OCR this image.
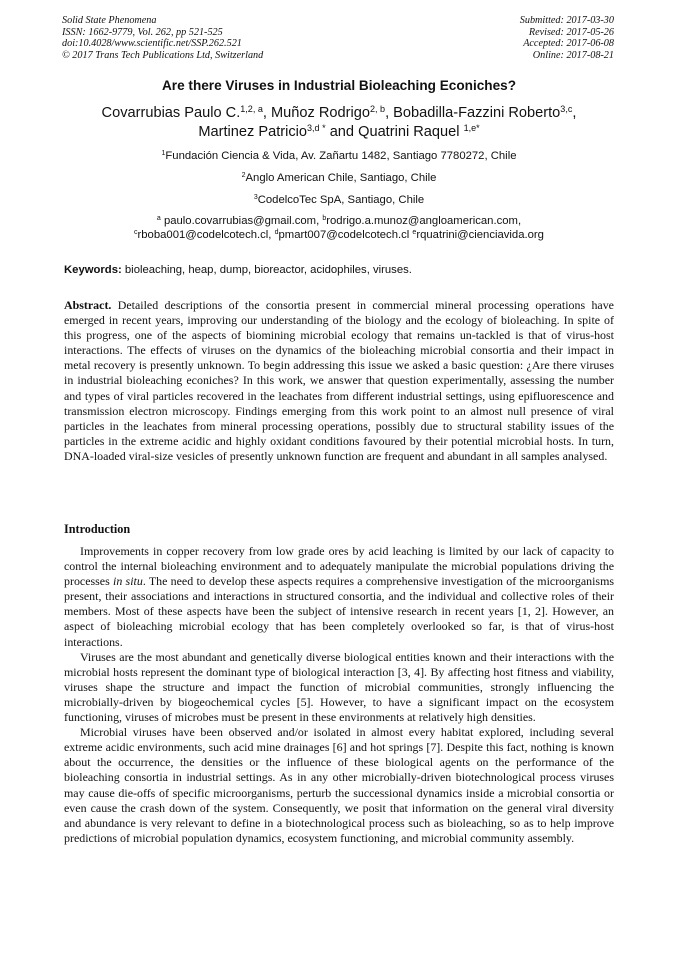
Solid State Phenomena
ISSN: 1662-9779, Vol. 262, pp 521-525
doi:10.4028/www.scientific.net/SSP.262.521
© 2017 Trans Tech Publications Ltd, Switzerland
Submitted: 2017-03-30
Revised: 2017-05-26
Accepted: 2017-06-08
Online: 2017-08-21
Are there Viruses in Industrial Bioleaching Econiches?
Covarrubias Paulo C.$^{1,2, a}$, Muñoz Rodrigo$^{2, b}$, Bobadilla-Fazzini Roberto$^{3,c}$,
Martinez Patricio$^{3,d *}$ and Quatrini Raquel $^{1,e*}$
$^1$Fundación Ciencia & Vida, Av. Zañartu 1482, Santiago 7780272, Chile
$^2$Anglo American Chile, Santiago, Chile
$^3$CodelcoTec SpA, Santiago, Chile
$^a$ paulo.covarrubias@gmail.com, $^b$rodrigo.a.munoz@angloamerican.com,
$^c$rboba001@codelcotech.cl, $^d$pmart007@codelcotech.cl $^e$rquatrini@cienciavida.org
Keywords: bioleaching, heap, dump, bioreactor, acidophiles, viruses.
Abstract. Detailed descriptions of the consortia present in commercial mineral processing operations have emerged in recent years, improving our understanding of the biology and the ecology of bioleaching. In spite of this progress, one of the aspects of biomining microbial ecology that remains un-tackled is that of virus-host interactions. The effects of viruses on the dynamics of the bioleaching microbial consortia and their impact in metal recovery is presently unknown. To begin addressing this issue we asked a basic question: ¿Are there viruses in industrial bioleaching econiches? In this work, we answer that question experimentally, assessing the number and types of viral particles recovered in the leachates from different industrial settings, using epifluorescence and transmission electron microscopy. Findings emerging from this work point to an almost null presence of viral particles in the leachates from mineral processing operations, possibly due to structural stability issues of the particles in the extreme acidic and highly oxidant conditions favoured by their potential microbial hosts. In turn, DNA-loaded viral-size vesicles of presently unknown function are frequent and abundant in all samples analysed.
Introduction

Improvements in copper recovery from low grade ores by acid leaching is limited by our lack of capacity to control the internal bioleaching environment and to adequately manipulate the microbial populations driving the processes in situ. The need to develop these aspects requires a comprehensive investigation of the microorganisms present, their associations and interactions in structured consortia, and the individual and collective roles of their members. Most of these aspects have been the subject of intensive research in recent years [1, 2]. However, an aspect of bioleaching microbial ecology that has been completely overlooked so far, is that of virus-host interactions.

Viruses are the most abundant and genetically diverse biological entities known and their interactions with the microbial hosts represent the dominant type of biological interaction [3, 4]. By affecting host fitness and viability, viruses shape the structure and impact the function of microbial communities, strongly influencing the microbially-driven by biogeochemical cycles [5]. However, to have a significant impact on the ecosystem functioning, viruses of microbes must be present in these environments at relatively high densities.

Microbial viruses have been observed and/or isolated in almost every habitat explored, including several extreme acidic environments, such acid mine drainages [6] and hot springs [7]. Despite this fact, nothing is known about the occurrence, the densities or the influence of these biological agents on the performance of the bioleaching consortia in industrial settings. As in any other microbially-driven biotechnological process viruses may cause die-offs of specific microorganisms, perturb the successional dynamics inside a microbial consortia or even cause the crash down of the system. Consequently, we posit that information on the general viral diversity and abundance is very relevant to define in a biotechnological process such as bioleaching, so as to help improve predictions of microbial population dynamics, ecosystem functioning, and microbial community assembly.
